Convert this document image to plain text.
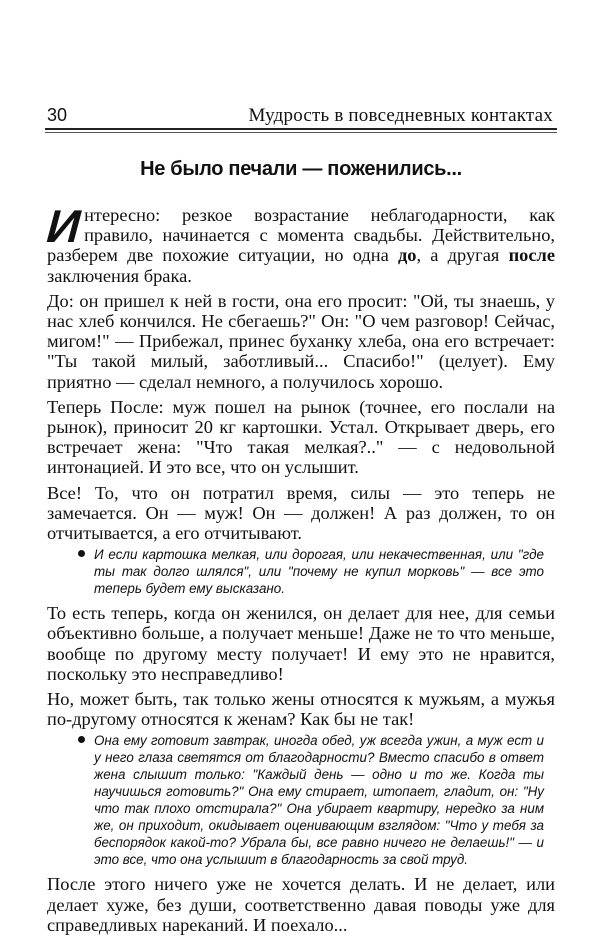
30	Мудрость в повседневных контактах
Не было печали — поженились...

Интересно: резкое возрастание неблагодарности, как правило, начинается с момента свадьбы. Действительно, разберем две похожие ситуации, но одна до, а другая после заключения брака.

До: он пришел к ней в гости, она его просит: "Ой, ты знаешь, у нас хлеб кончился. Не сбегаешь?" Он: "О чем разговор! Сейчас, мигом!" — Прибежал, принес буханку хлеба, она его встречает: "Ты такой милый, заботливый... Спасибо!" (целует). Ему приятно — сделал немного, а получилось хорошо.

Теперь После: муж пошел на рынок (точнее, его послали на рынок), приносит 20 кг картошки. Устал. Открывает дверь, его встречает жена: "Что такая мелкая?.." — с недовольной интонацией. И это все, что он услышит.

Все! То, что он потратил время, силы — это теперь не замечается. Он — муж! Он — должен! А раз должен, то он отчитывается, а его отчитывают.

И если картошка мелкая, или дорогая, или некачественная, или "где ты так долго шлялся", или "почему не купил морковь" — все это теперь будет ему высказано.

То есть теперь, когда он женился, он делает для нее, для семьи объективно больше, а получает меньше! Даже не то что меньше, вообще по другому месту получает! И ему это не нравится, поскольку это несправедливо!

Но, может быть, так только жены относятся к мужьям, а мужья по-другому относятся к женам? Как бы не так!

Она ему готовит завтрак, иногда обед, уж всегда ужин, а муж ест и у него глаза светятся от благодарности? Вместо спасибо в ответ жена слышит только: "Каждый день — одно и то же. Когда ты научишься готовить?" Она ему стирает, штопает, гладит, он: "Ну что так плохо отстирала?" Она убирает квартиру, нередко за ним же, он приходит, окидывает оценивающим взглядом: "Что у тебя за беспорядок какой-то? Убрала бы, все равно ничего не делаешь!" — и это все, что она услышит в благодарность за свой труд.

После этого ничего уже не хочется делать. И не делает, или делает хуже, без души, соответственно давая поводы уже для справедливых нареканий. И поехало...
